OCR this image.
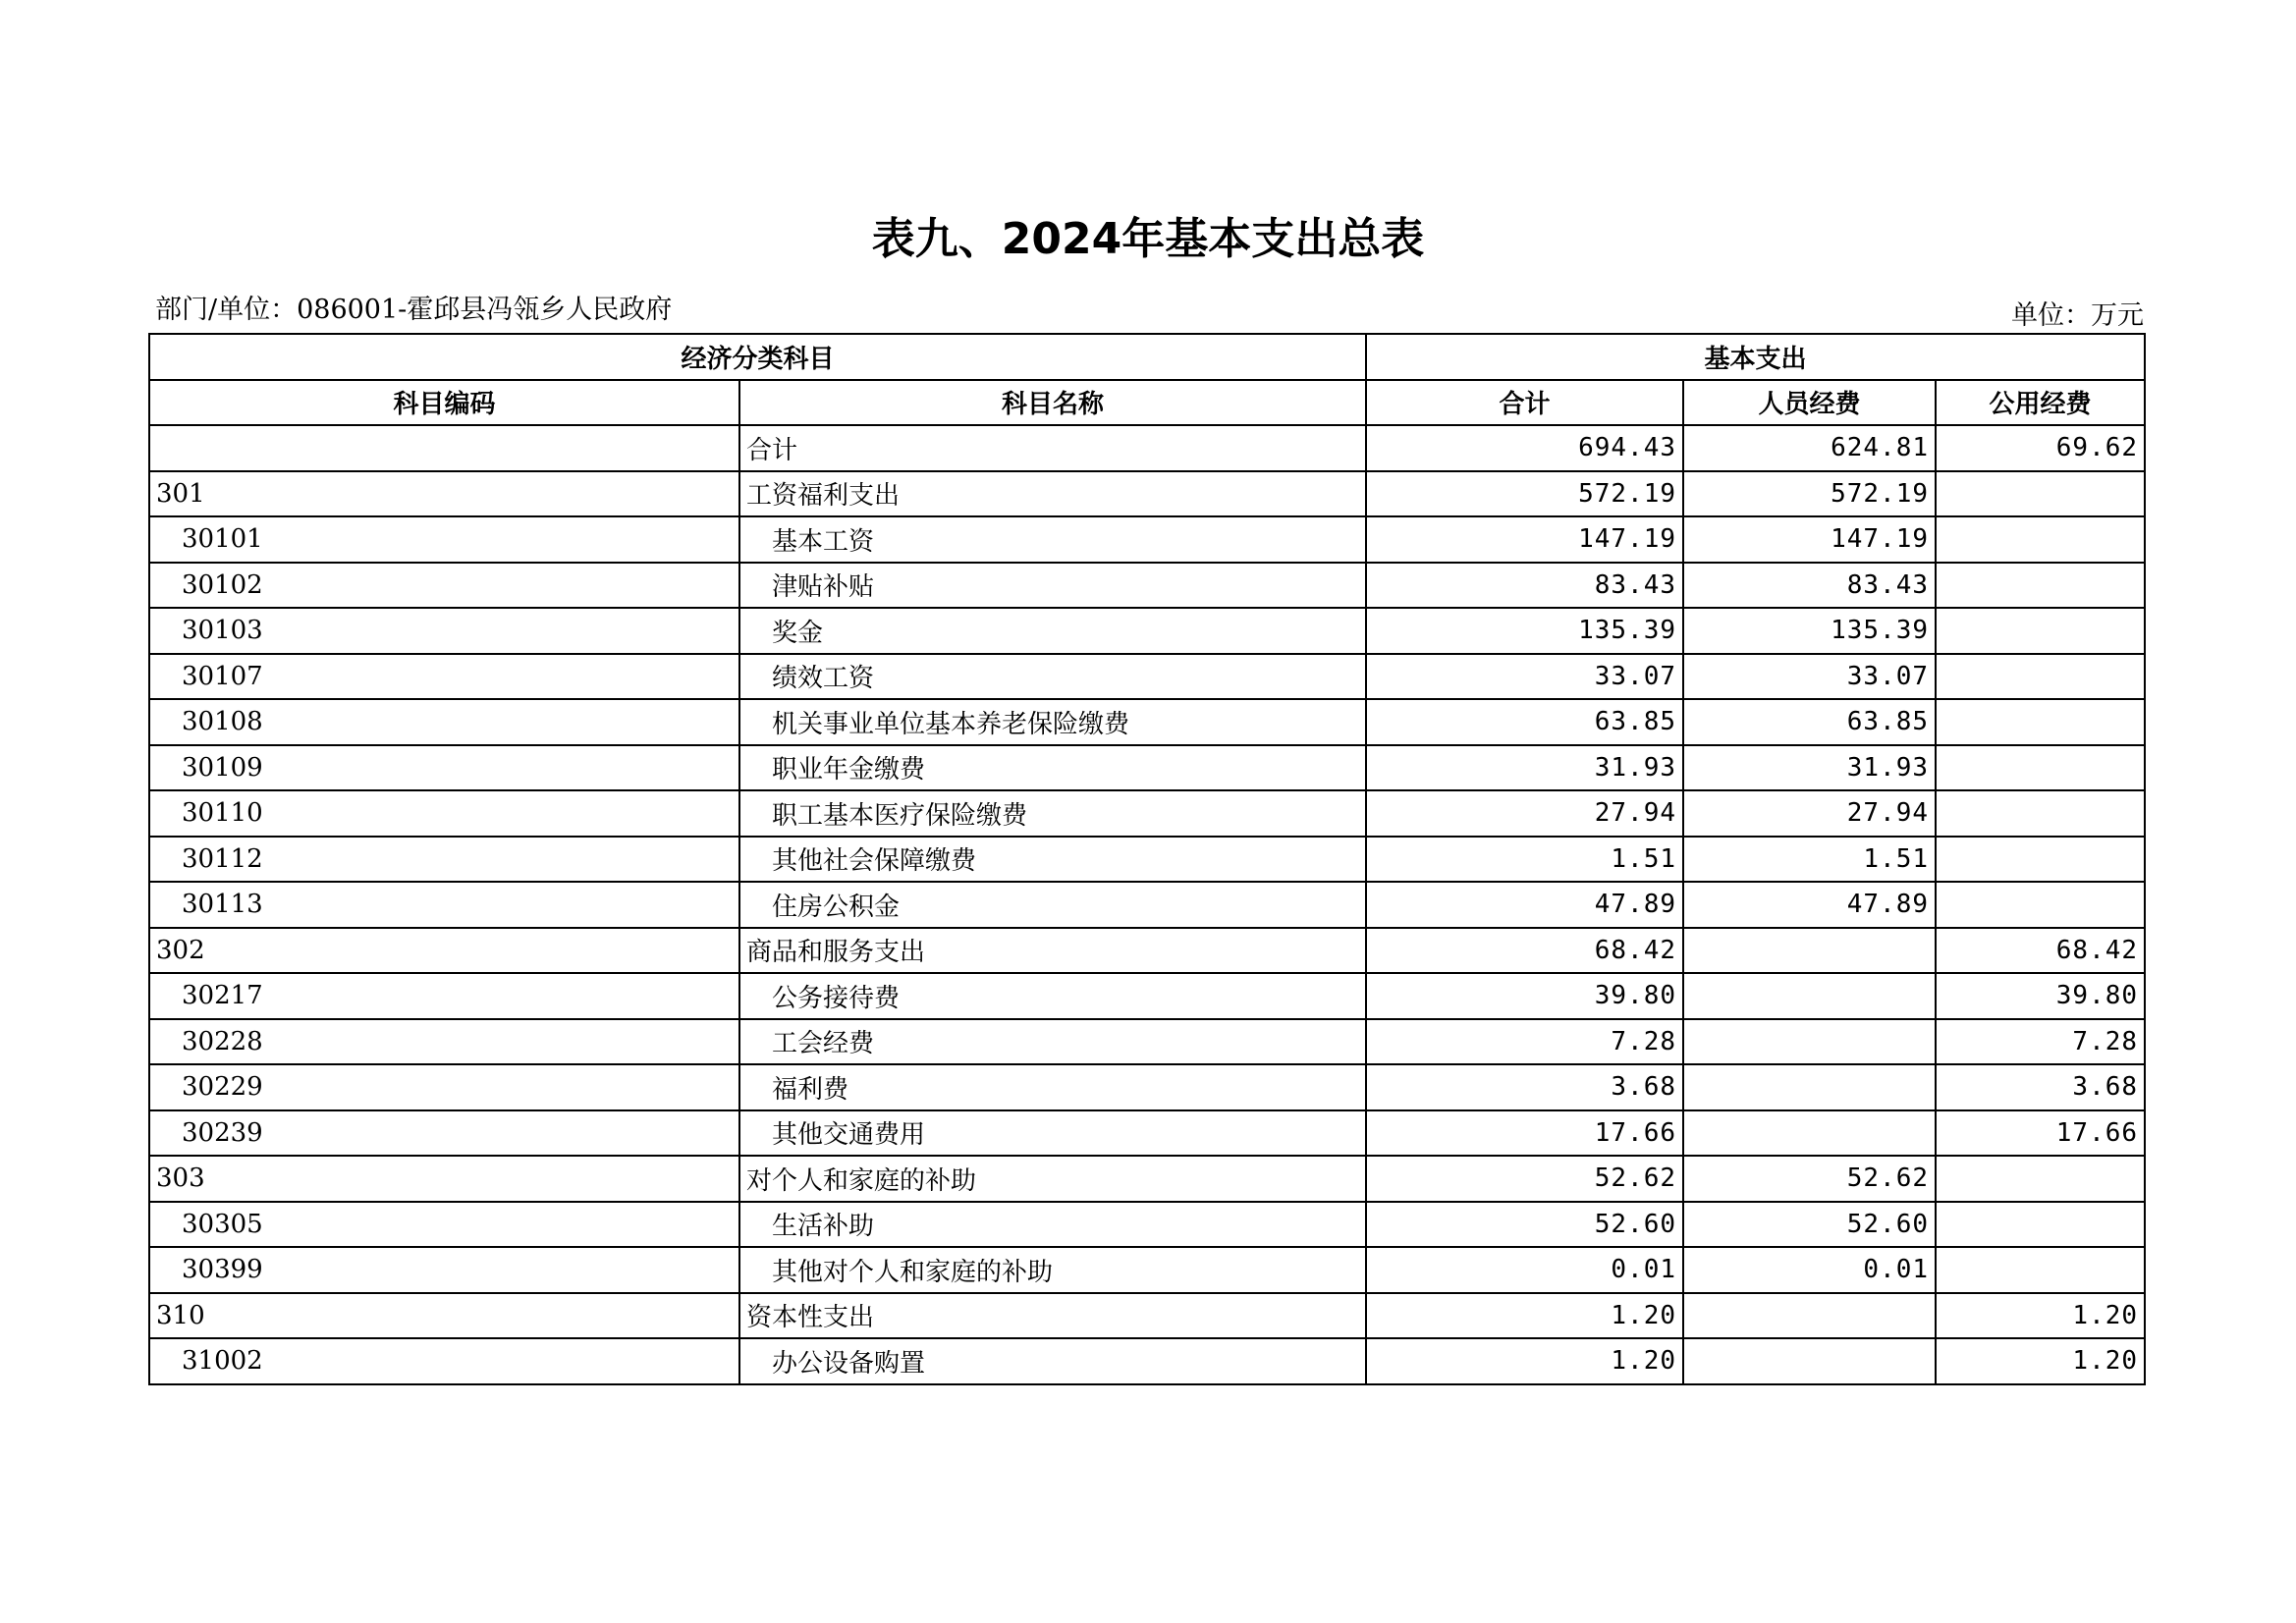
表九、2024年基本支出总表
部门/单位：086001-霍邱县冯瓴乡人民政府	单位：万元
经济分类科目		基本支出		
科目编码	科目名称	合计	人员经费	公用经费
	合计	694.43	624.81	69.62
301	工资福利支出	572.19	572.19	
30101	基本工资	147.19	147.19	
30102	津贴补贴	83.43	83.43	
30103	奖金	135.39	135.39	
30107	绩效工资	33.07	33.07	
30108	机关事业单位基本养老保险缴费	63.85	63.85	
30109	职业年金缴费	31.93	31.93	
30110	职工基本医疗保险缴费	27.94	27.94	
30112	其他社会保障缴费	1.51	1.51	
30113	住房公积金	47.89	47.89	
302	商品和服务支出	68.42		68.42
30217	公务接待费	39.80		39.80
30228	工会经费	7.28		7.28
30229	福利费	3.68		3.68
30239	其他交通费用	17.66		17.66
303	对个人和家庭的补助	52.62	52.62	
30305	生活补助	52.60	52.60	
30399	其他对个人和家庭的补助	0.01	0.01	
310	资本性支出	1.20		1.20
31002	办公设备购置	1.20		1.20
